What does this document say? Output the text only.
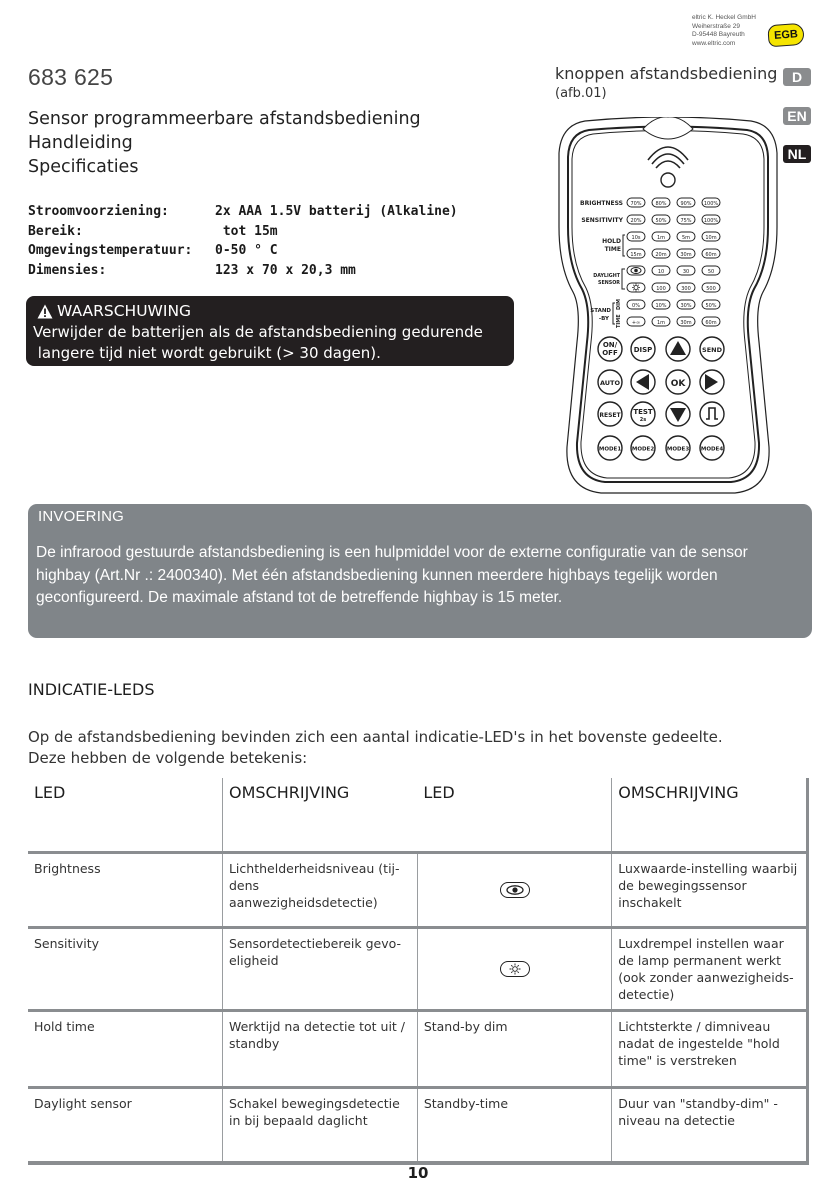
eltric K. Heckel GmbH
Weiherstraße 29
D-95448 Bayreuth
www.eltric.com
EGB
683 625
Sensor programmeerbare afstandsbediening
Handleiding
Specificaties
Stroomvoorziening:	2x AAA 1.5V batterij (Alkaline)
Bereik:	tot 15m
Omgevingstemperatuur:	0-50 ° C
Dimensies:	123 x 70 x 20,3 mm
WAARSCHUWING
Verwijder de batterijen als de afstandsbediening gedurende
langere tijd niet wordt gebruikt (> 30 dagen).
knoppen afstandsbediening
(afb.01)
D
EN
NL
BRIGHTNESS
SENSITIVITY
HOLD
TIME
DAYLIGHT
SENSOR
STAND
-BY
DIM
TIME
70%	80%	90% 100%
20%	50%	75% 100%
10s	1m	5m	10m
15m	20m	30m	60m
10	30	50
100	300	500
0%	10%	30%	50%
+∞	1m	30m	60m
ON/
OFF DISP	SEND
AUTO	OK
RESET TEST
2s
MODE1 MODE2 MODE3 MODE4
INVOERING
De infrarood gestuurde afstandsbediening is een hulpmiddel voor de externe configuratie van de sensor highbay (Art.Nr .: 2400340). Met één afstandsbediening kunnen meerdere highbays tegelijk worden geconfigureerd. De maximale afstand tot de betreffende highbay is 15 meter.
INDICATIE-LEDS
Op de afstandsbediening bevinden zich een aantal indicatie-LED's in het bovenste gedeelte.
Deze hebben de volgende betekenis:
LED	OMSCHRIJVING	LED	OMSCHRIJVING
Brightness	Lichthelderheidsniveau (tij-dens aanwezigheidsdetectie)		Luxwaarde-instelling waarbij de bewegingssensor inschakelt
Sensitivity	Sensordetectiebereik gevo-eligheid		Luxdrempel instellen waar de lamp permanent werkt (ook zonder aanwezigheids-detectie)
Hold time	Werktijd na detectie tot uit / standby	Stand-by dim	Lichtsterkte / dimniveau nadat de ingestelde "hold time" is verstreken
Daylight sensor	Schakel bewegingsdetectie in bij bepaald daglicht	Standby-time	Duur van "standby-dim" -niveau na detectie
10
